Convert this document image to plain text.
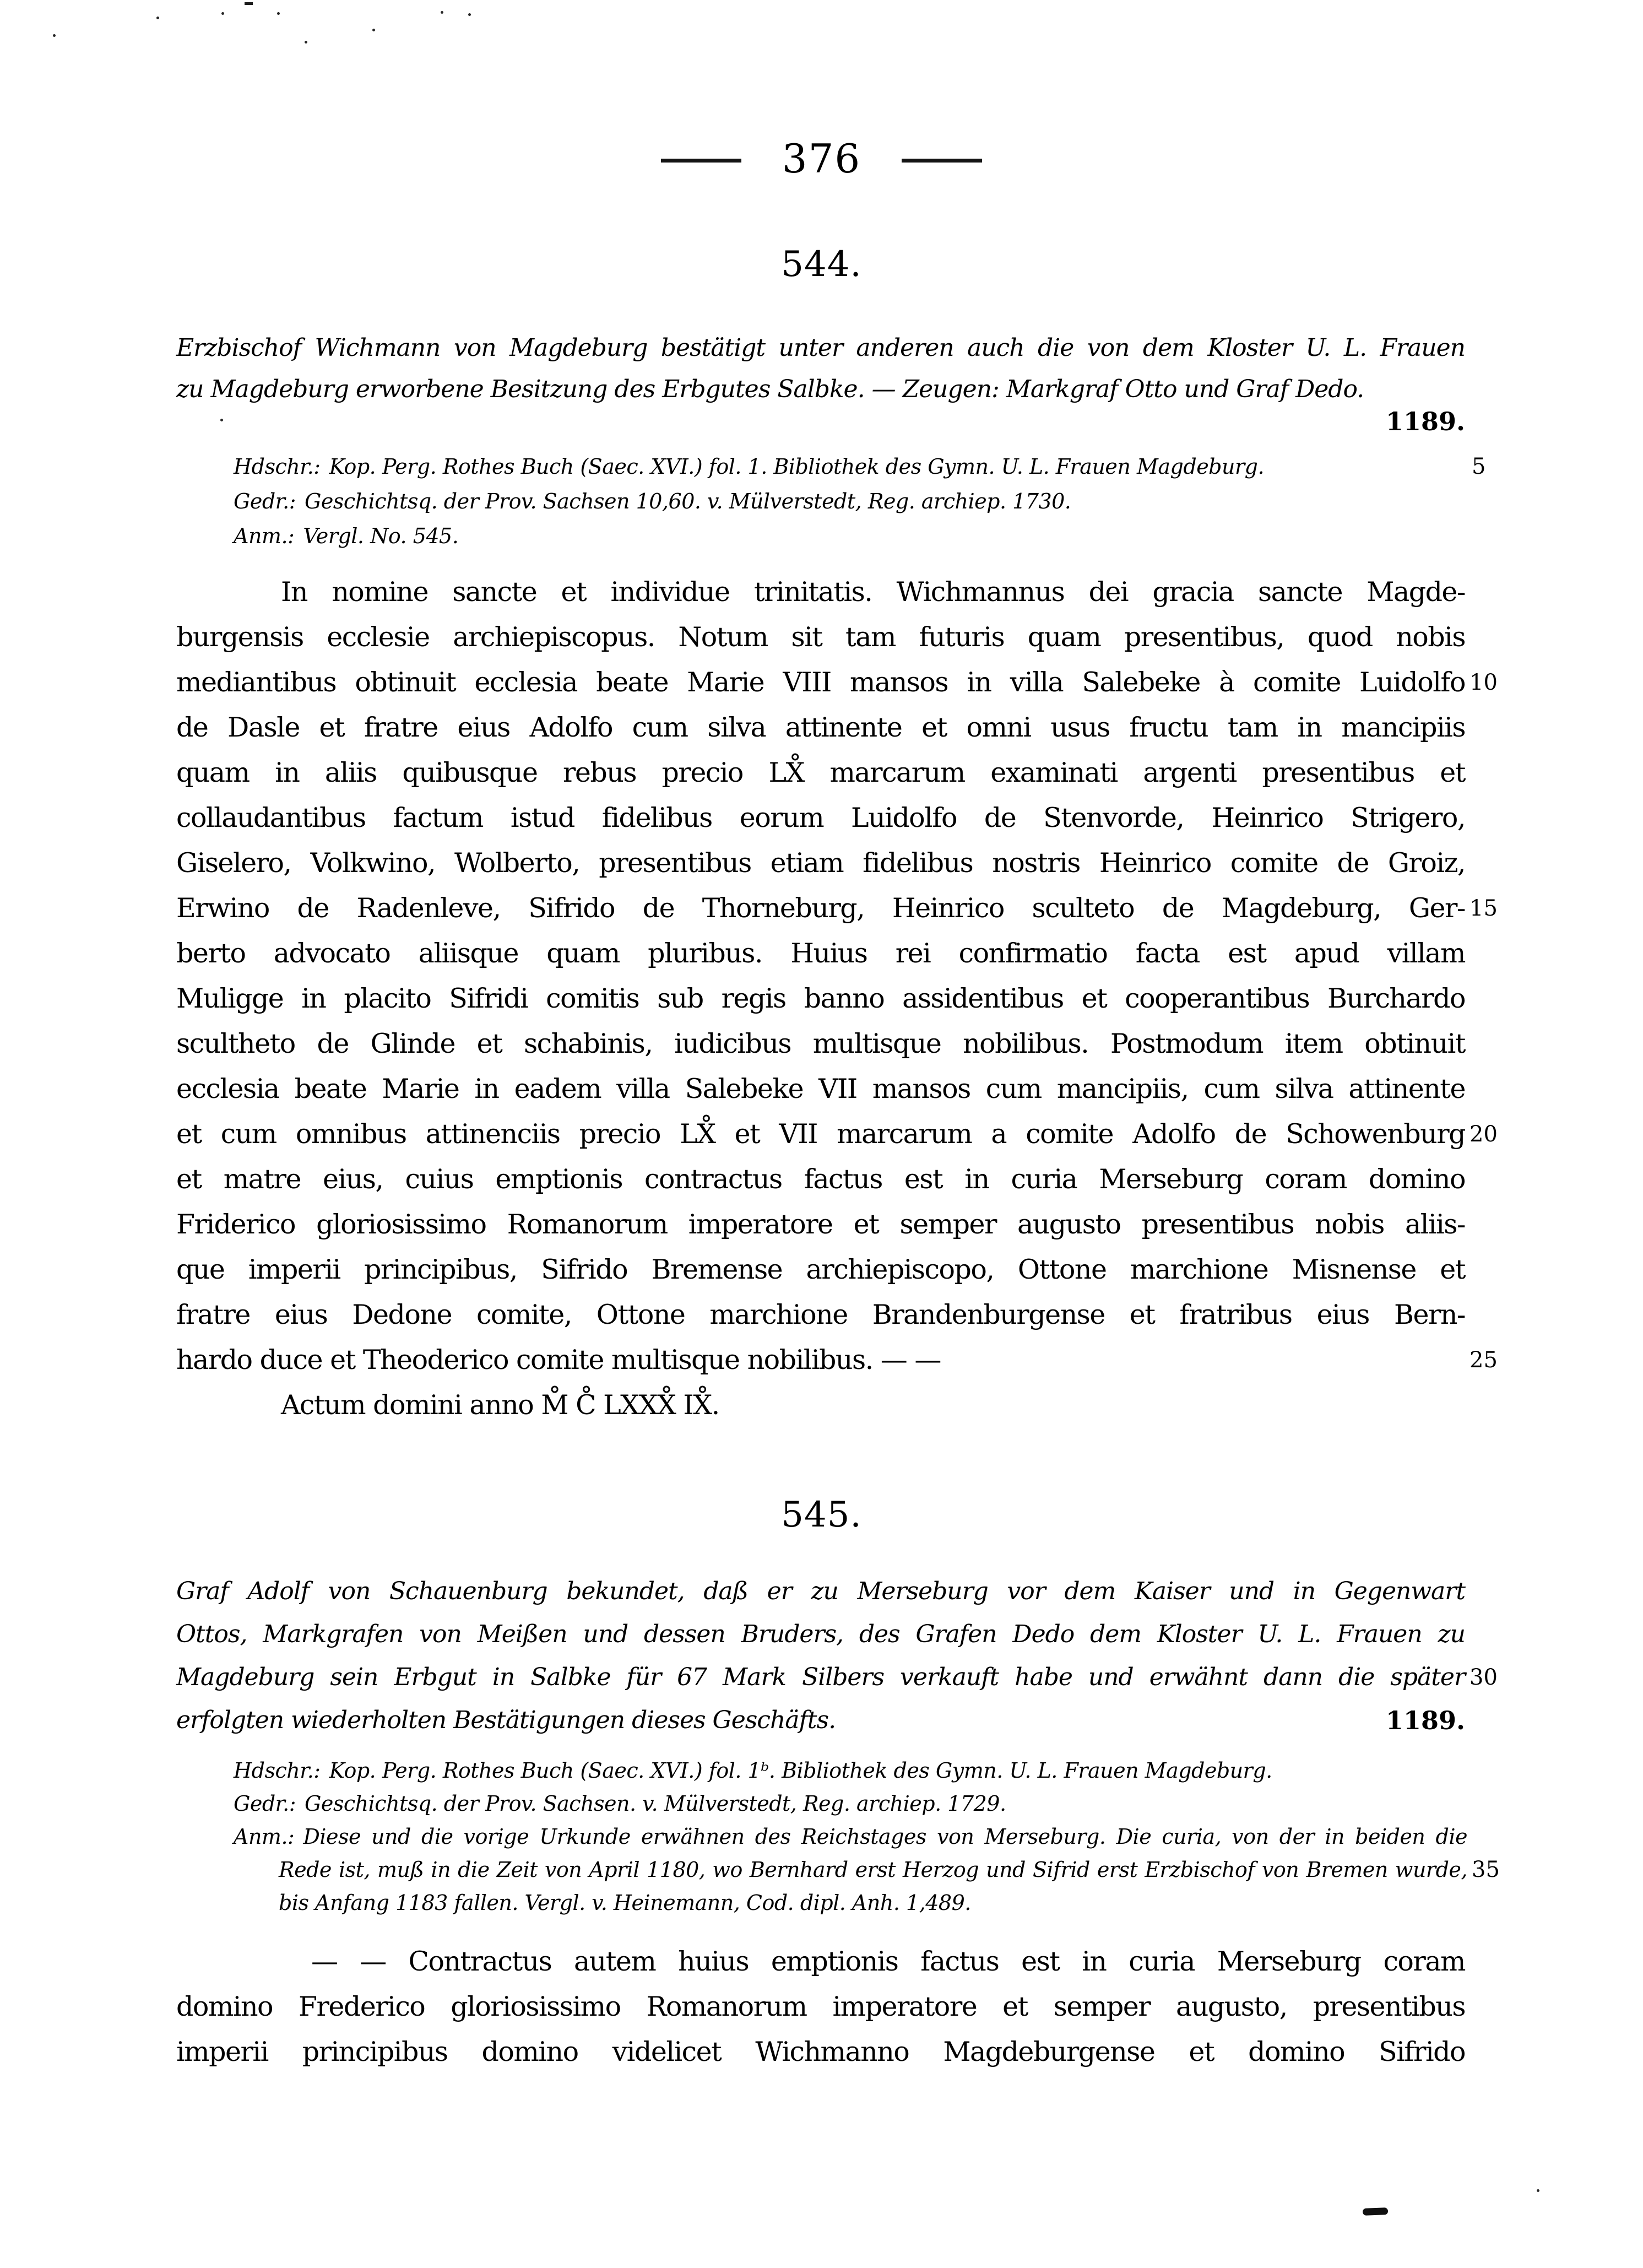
376
544.
Erzbischof Wichmann von Magdeburg bestätigt unter anderen auch die von dem Kloster U. L. Frauen
zu Magdeburg erworbene Besitzung des Erbgutes Salbke. — Zeugen: Markgraf Otto und Graf Dedo.
1189.
Hdschr.: Kop. Perg. Rothes Buch (Saec. XVI.) fol. 1. Bibliothek des Gymn. U. L. Frauen Magdeburg.	5
Gedr.: Geschichtsq. der Prov. Sachsen 10,60. v. Mülverstedt, Reg. archiep. 1730.
Anm.: Vergl. No. 545.
In nomine sancte et individue trinitatis. Wichmannus dei gracia sancte Magde-
burgensis ecclesie archiepiscopus. Notum sit tam futuris quam presentibus, quod nobis
mediantibus obtinuit ecclesia beate Marie VIII mansos in villa Salebeke à comite Luidolfo 10
de Dasle et fratre eius Adolfo cum silva attinente et omni usus fructu tam in mancipiis
quam in aliis quibusque rebus precio LX̊ marcarum examinati argenti presentibus et
collaudantibus factum istud fidelibus eorum Luidolfo de Stenvorde, Heinrico Strigero,
Giselero, Volkwino, Wolberto, presentibus etiam fidelibus nostris Heinrico comite de Groiz,
Erwino de Radenleve, Sifrido de Thorneburg, Heinrico sculteto de Magdeburg, Ger- 15
berto advocato aliisque quam pluribus. Huius rei confirmatio facta est apud villam
Muligge in placito Sifridi comitis sub regis banno assidentibus et cooperantibus Burchardo
scultheto de Glinde et schabinis, iudicibus multisque nobilibus. Postmodum item obtinuit
ecclesia beate Marie in eadem villa Salebeke VII mansos cum mancipiis, cum silva attinente
et cum omnibus attinenciis precio LX̊ et VII marcarum a comite Adolfo de Schowenburg 20
et matre eius, cuius emptionis contractus factus est in curia Merseburg coram domino
Friderico gloriosissimo Romanorum imperatore et semper augusto presentibus nobis aliis-
que imperii principibus, Sifrido Bremense archiepiscopo, Ottone marchione Misnense et
fratre eius Dedone comite, Ottone marchione Brandenburgense et fratribus eius Bern-
hardo duce et Theoderico comite multisque nobilibus. — —	25
Actum domini anno M̊ C̊ LXXX̊ IX̊.
545.
Graf Adolf von Schauenburg bekundet, daß er zu Merseburg vor dem Kaiser und in Gegenwart
Ottos, Markgrafen von Meißen und dessen Bruders, des Grafen Dedo dem Kloster U. L. Frauen zu
Magdeburg sein Erbgut in Salbke für 67 Mark Silbers verkauft habe und erwähnt dann die später 30
erfolgten wiederholten Bestätigungen dieses Geschäfts.	1189.
Hdschr.: Kop. Perg. Rothes Buch (Saec. XVI.) fol. 1ᵇ. Bibliothek des Gymn. U. L. Frauen Magdeburg.
Gedr.: Geschichtsq. der Prov. Sachsen. v. Mülverstedt, Reg. archiep. 1729.
Anm.: Diese und die vorige Urkunde erwähnen des Reichstages von Merseburg. Die curia, von der in beiden die
Rede ist, muß in die Zeit von April 1180, wo Bernhard erst Herzog und Sifrid erst Erzbischof von Bremen wurde, 35
bis Anfang 1183 fallen. Vergl. v. Heinemann, Cod. dipl. Anh. 1,489.
— — Contractus autem huius emptionis factus est in curia Merseburg coram
domino Frederico gloriosissimo Romanorum imperatore et semper augusto, presentibus
imperii principibus domino videlicet Wichmanno Magdeburgense et domino Sifrido
